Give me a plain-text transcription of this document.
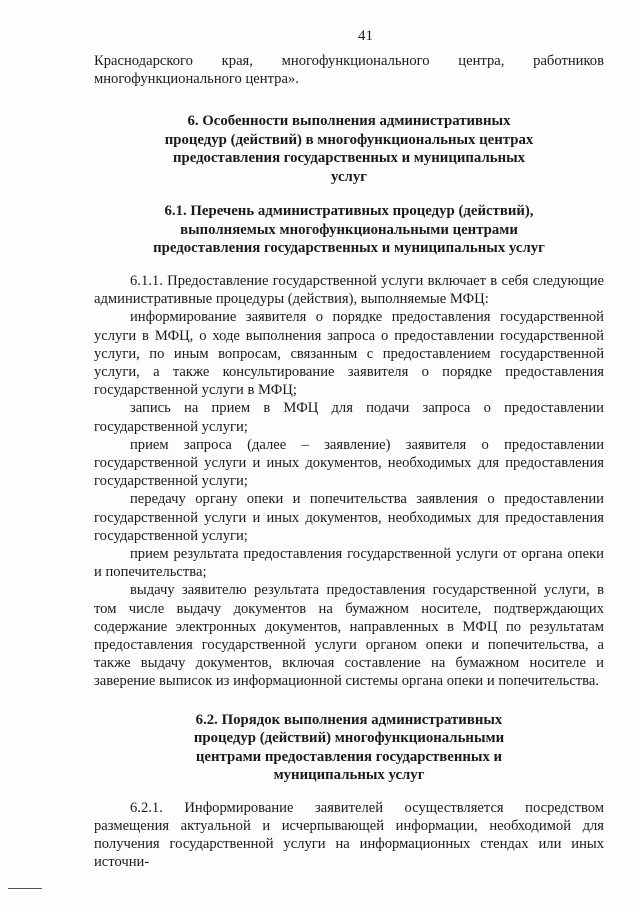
41

Краснодарского края, многофункционального центра, работников многофункционального центра».

6. Особенности выполнения административных процедур (действий) в многофункциональных центрах предоставления государственных и муниципальных услуг
6.1. Перечень административных процедур (действий), выполняемых многофункциональными центрами предоставления государственных и муниципальных услуг

6.1.1. Предоставление государственной услуги включает в себя следующие административные процедуры (действия), выполняемые МФЦ:

информирование заявителя о порядке предоставления государственной услуги в МФЦ, о ходе выполнения запроса о предоставлении государственной услуги, по иным вопросам, связанным с предоставлением государственной услуги, а также консультирование заявителя о порядке предоставления государственной услуги в МФЦ;

запись на прием в МФЦ для подачи запроса о предоставлении государственной услуги;

прием запроса (далее – заявление) заявителя о предоставлении государственной услуги и иных документов, необходимых для предоставления государственной услуги;

передачу органу опеки и попечительства заявления о предоставлении государственной услуги и иных документов, необходимых для предоставления государственной услуги;

прием результата предоставления государственной услуги от органа опеки и попечительства;

выдачу заявителю результата предоставления государственной услуги, в том числе выдачу документов на бумажном носителе, подтверждающих содержание электронных документов, направленных в МФЦ по результатам предоставления государственной услуги органом опеки и попечительства, а также выдачу документов, включая составление на бумажном носителе и заверение выписок из информационной системы органа опеки и попечительства.

6.2. Порядок выполнения административных процедур (действий) многофункциональными центрами предоставления государственных и муниципальных услуг

6.2.1. Информирование заявителей осуществляется посредством размещения актуальной и исчерпывающей информации, необходимой для получения государственной услуги на информационных стендах или иных источни-
